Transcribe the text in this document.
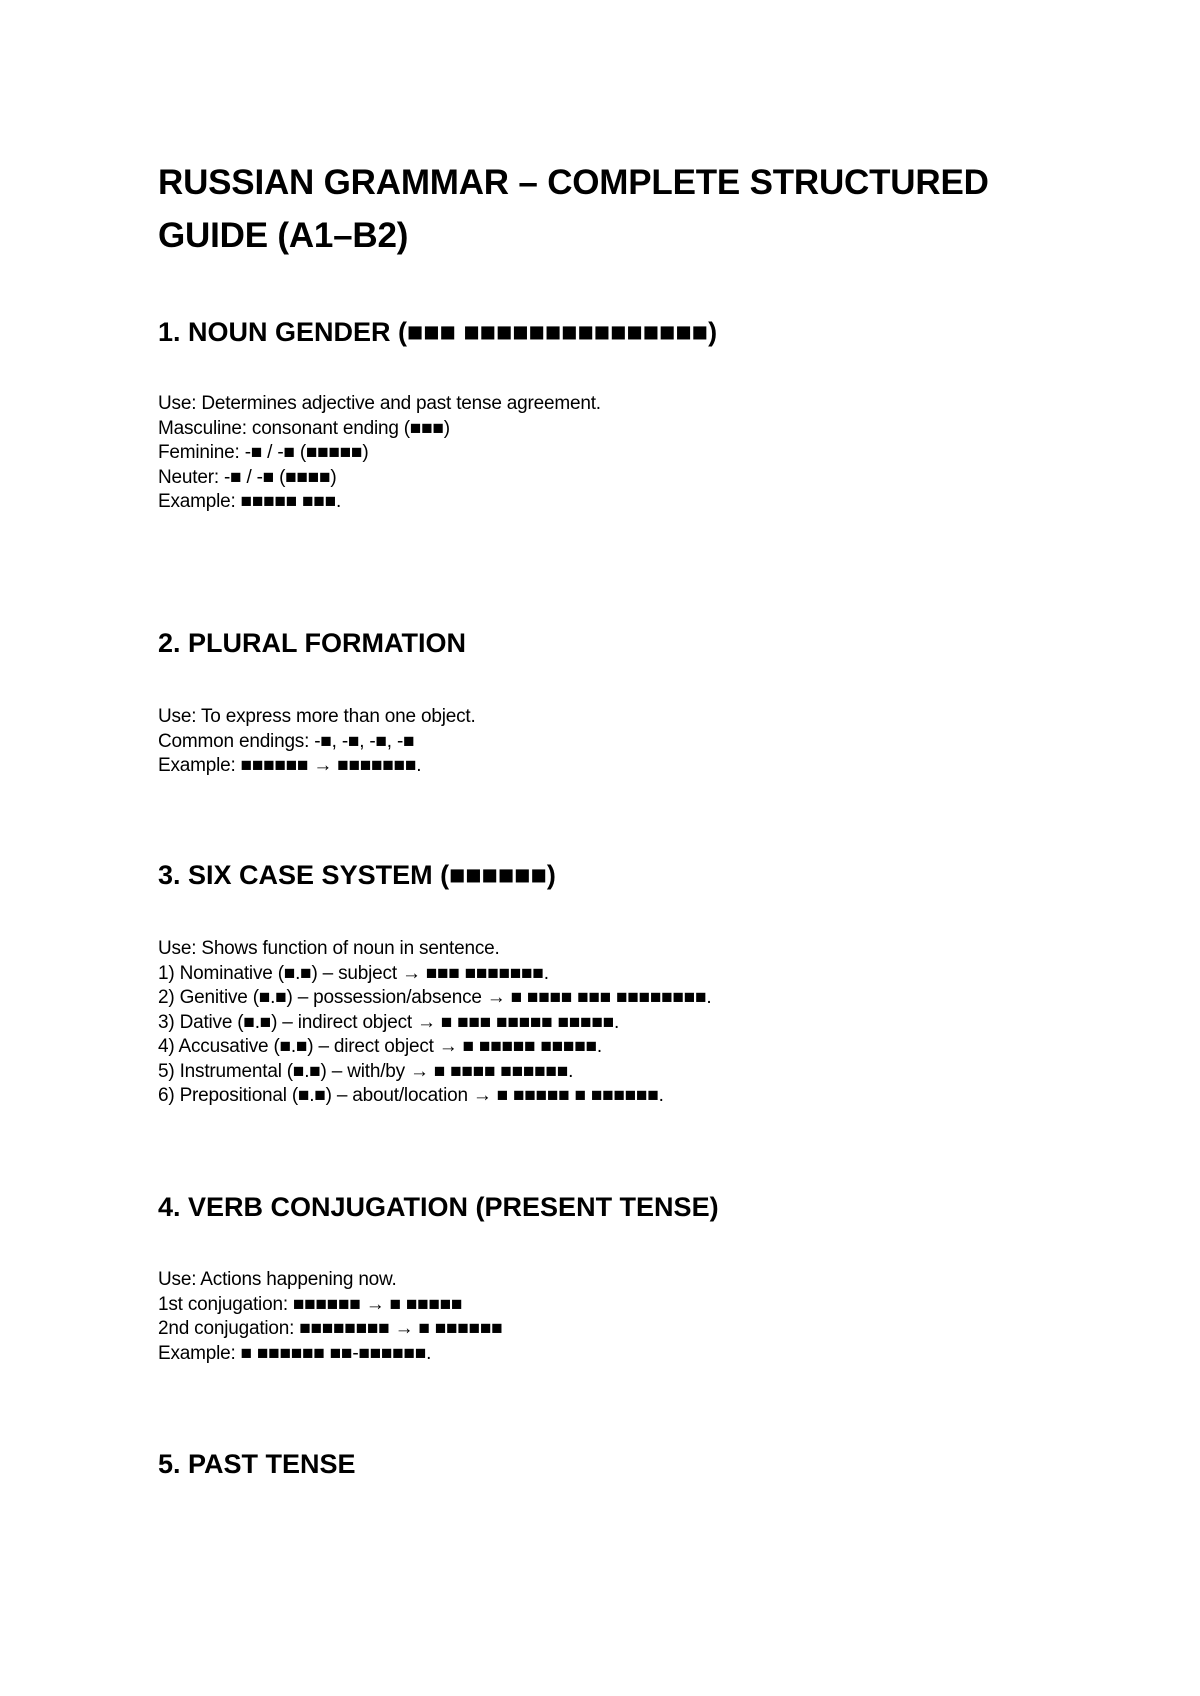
RUSSIAN GRAMMAR – COMPLETE STRUCTURED GUIDE (A1–B2)
1. NOUN GENDER (■■■ ■■■■■■■■■■■■■■■)
Use: Determines adjective and past tense agreement.
Masculine: consonant ending (■■■)
Feminine: -■ / -■ (■■■■■)
Neuter: -■ / -■ (■■■■)
Example: ■■■■■ ■■■.
2. PLURAL FORMATION
Use: To express more than one object.
Common endings: -■, -■, -■, -■
Example: ■■■■■■ → ■■■■■■■.
3. SIX CASE SYSTEM (■■■■■■)
Use: Shows function of noun in sentence.
1) Nominative (■.■) – subject → ■■■ ■■■■■■■.
2) Genitive (■.■) – possession/absence → ■ ■■■■ ■■■ ■■■■■■■■.
3) Dative (■.■) – indirect object → ■ ■■■ ■■■■■ ■■■■■.
4) Accusative (■.■) – direct object → ■ ■■■■■ ■■■■■.
5) Instrumental (■.■) – with/by → ■ ■■■■ ■■■■■■.
6) Prepositional (■.■) – about/location → ■ ■■■■■ ■ ■■■■■■.
4. VERB CONJUGATION (PRESENT TENSE)
Use: Actions happening now.
1st conjugation: ■■■■■■ → ■ ■■■■■
2nd conjugation: ■■■■■■■■ → ■ ■■■■■■
Example: ■ ■■■■■■ ■■-■■■■■■.
5. PAST TENSE
